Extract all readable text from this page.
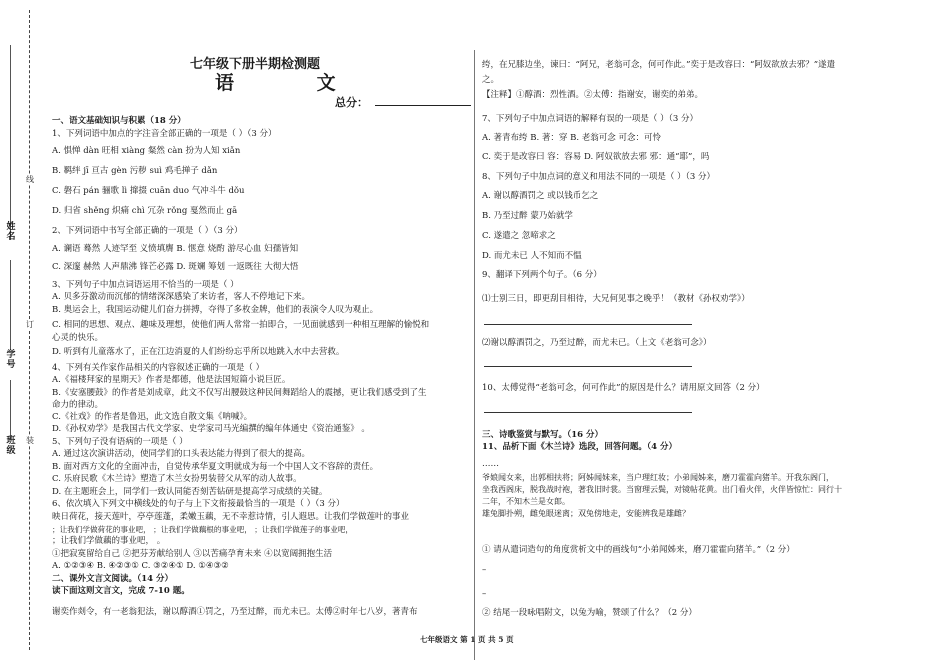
姓名
学号
班级
线
订
装
七年级下册半期检测题
语 文
总分：
一、语文基础知识与积累（18 分）
1、下列词语中加点的字注音全部正确的一项是（ ）（3 分）
A. 惧惮 dàn 旺相 xiàng 粲然 càn 扮为人知 xiǎn
B. 羁绊 jī 亘古 gèn 污秽 suì 鸡毛掸子 dǎn
C. 磐石 pán 骊歌 lì 撺掇 cuān duo 气冲斗牛 dǒu
D. 归省 shěng 炽痛 chì 冗杂 rǒng 戛然而止 gā
2、下列词语中书写全部正确的一项是（ ）（3 分）
A. 谰语 蓦然 人迹罕至 义愤填膺 B. 惬意 烧酌 游尽心血 妇孺皆知
C. 深邃 赫然 人声鼎沸 锋芒必露 D. 斑斓 筹划 一返既往 大彻大悟
3、下列句子中加点词语运用不恰当的一项是（ ）
A. 贝多芬激动而沉郁的情绪深深感染了来访者，客人不停地记下来。
B. 奥运会上，我国运动健儿们奋力拼搏，夺得了多枚金牌，他们的表演令人叹为观止。
C. 相同的思想、观点、趣味及理想，使他们两人常常一拍即合，一见面就感到一种相互理解的愉悦和
心灵的快乐。
D. 听到有儿童落水了，正在江边消夏的人们纷纷忘乎所以地跳入水中去营救。
4、下列有关作家作品相关的内容叙述正确的一项是（ ）
A.《福楼拜家的星期天》作者是都德，他是法国短篇小说巨匠。
B.《安塞腰鼓》的作者是刘成章，此文不仅写出腰鼓这种民间舞蹈给人的震撼，更让我们感受到了生
命力的律动。
C.《社戏》的作者是鲁迅，此文选自散文集《呐喊》。
D.《孙权劝学》是我国古代文学家、史学家司马光编撰的编年体通史《资治通鉴》 。
5、下列句子没有语病的一项是（ ）
A. 通过这次演讲活动，使同学们的口头表达能力得到了很大的提高。
B. 面对西方文化的全面冲击，自觉传承华夏文明就成为每一个中国人文不容辞的责任。
C. 乐府民歌《木兰诗》塑造了木兰女扮男装替父从军的动人故事。
D. 在主题班会上，同学们一致认同能否刻苦钻研是提高学习成绩的关键。
6、依次填入下列文中横线处的句子与上下文衔接最恰当的一项是（ ）（3 分）
映日荷花，接天莲叶，亭亭莲蓬，柔嫩玉藕，无不幸惹诗情，引人遐思。让我们学做莲叶的事业
；让我们学做荷花的事业吧， ；让我们学做藕根的事业吧， ；让我们学做莲子的事业吧，
；让我们学做藕的事业吧， 。
①把寂寞留给自己 ②把芬芳献给别人 ③以苦痛孕育未来 ④以宽阔拥抱生活
A. ①②③④ B. ④②③① C. ③②④① D. ①④③②
二、课外文言文阅读。（14 分）
读下面这则文言文，完成 7-10 题。
谢奕作剡令，有一老翁犯法，谢以醇酒①罚之，乃至过醉，而尤未已。太傅②时年七八岁，著青布
绔，在兄膝边坐，谏曰：“阿兄，老翁可念，何可作此。”奕于是改容曰：“阿奴欲放去邪？”遂遣
之。
【注释】①醇酒：烈性酒。②太傅：指谢安，谢奕的弟弟。
7、下列句子中加点词语的解释有误的一项是（ ）（3 分）
A. 著青布绔 B. 著：穿 B. 老翁可念 可念：可怜
C. 奕于是改容曰 容：容易 D. 阿奴欲放去邪 邪：通“耶”，吗
8、下列句子中加点词的意义和用法不同的一项是（ ）（3 分）
A. 谢以醇酒罚之 或以钱币乞之
B. 乃至过醉 蒙乃始就学
C. 遂遣之 忽啼求之
D. 而尤未已 人不知而不愠
9、翻译下列两个句子。（6 分）
⑴士别三日，即更刮目相待，大兄何见事之晚乎！（教材《孙权劝学》）
⑵谢以醇酒罚之，乃至过醉，而尤未已。（上文《老翁可念》）
10、太傅觉得“老翁可念，何可作此”的原因是什么？请用原文回答（2 分）
三、诗歌鉴赏与默写。（16 分）
11、品析下面《木兰诗》选段，回答问题。（4 分）
……
爷娘闻女来，出郭相扶将；阿姊闻妹来，当户理红妆；小弟闻姊来，磨刀霍霍向猪羊。开我东阁门，
坐我西阁床，脱我战时袍，著我旧时裳。当窗理云鬓，对镜帖花黄。出门看火伴，火伴皆惊忙：同行十
二年，不知木兰是女郎。
雄兔脚扑朔，雌兔眼迷离；双兔傍地走，安能辨我是雄雌？
① 请从遣词造句的角度赏析文中的画线句“小弟闻姊来，磨刀霍霍向猪羊。”（2 分）
–
–
② 结尾一段咏唱附文，以兔为喻，赞颂了什么？（2 分）
七年级语文 第 1 页 共 5 页
